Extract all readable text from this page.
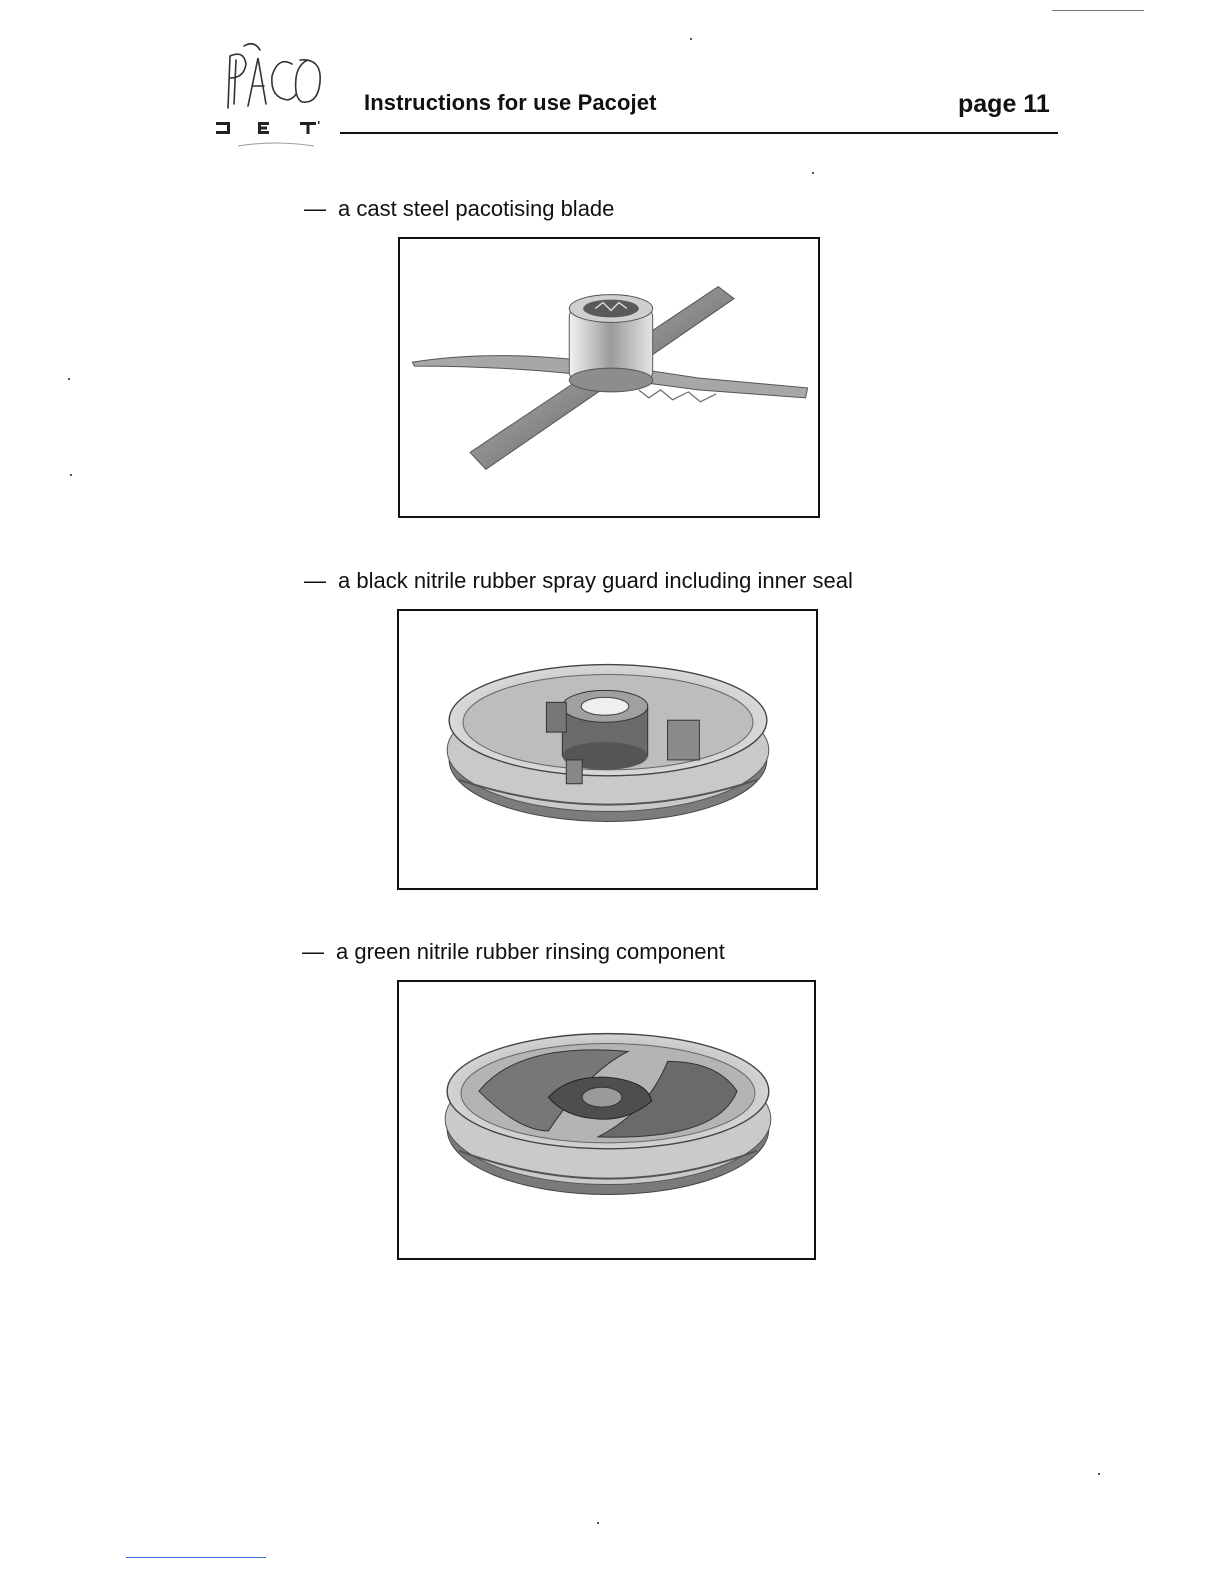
Instructions for use Pacojet	page 11
— a cast steel pacotising blade
— a black nitrile rubber spray guard including inner seal
— a green nitrile rubber rinsing component
